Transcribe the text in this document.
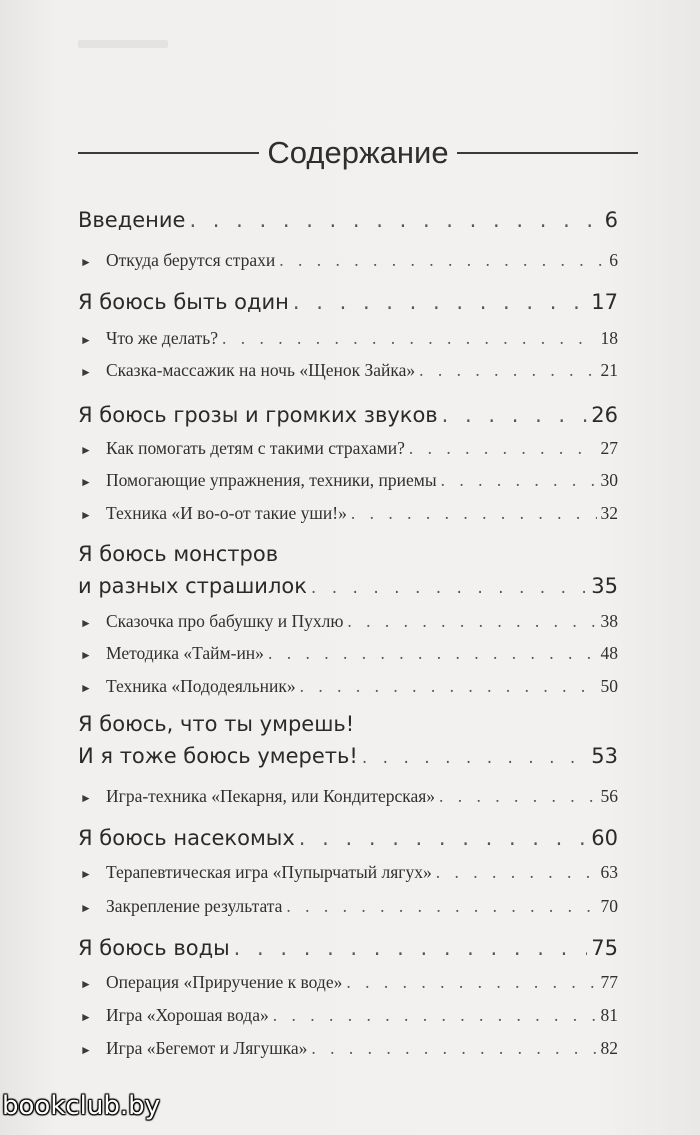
Содержание
Введение . . .	6
► Откуда берутся страхи . . .	6
Я боюсь быть один . . .	17
► Что же делать? . . .	18
► Сказка-массажик на ночь «Щенок Зайка» . . .	21
Я боюсь грозы и громких звуков . . .	26
► Как помогать детям с такими страхами? . . .	27
► Помогающие упражнения, техники, приемы . . .	30
► Техника «И во-о-от такие уши!» . . .	32
Я боюсь монстров
и разных страшилок . . .	35
► Сказочка про бабушку и Пухлю . . .	38
► Методика «Тайм-ин» . . .	48
► Техника «Пододеяльник» . . .	50
Я боюсь, что ты умрешь!
И я тоже боюсь умереть! . . .	53
► Игра-техника «Пекарня, или Кондитерская» . . .	56
Я боюсь насекомых . . .	60
► Терапевтическая игра «Пупырчатый лягух» . . .	63
► Закрепление результата . . .	70
Я боюсь воды . . .	75
► Операция «Приручение к воде» . . .	77
► Игра «Хорошая вода» . . .	81
► Игра «Бегемот и Лягушка» . . .	82
bookclub.by
